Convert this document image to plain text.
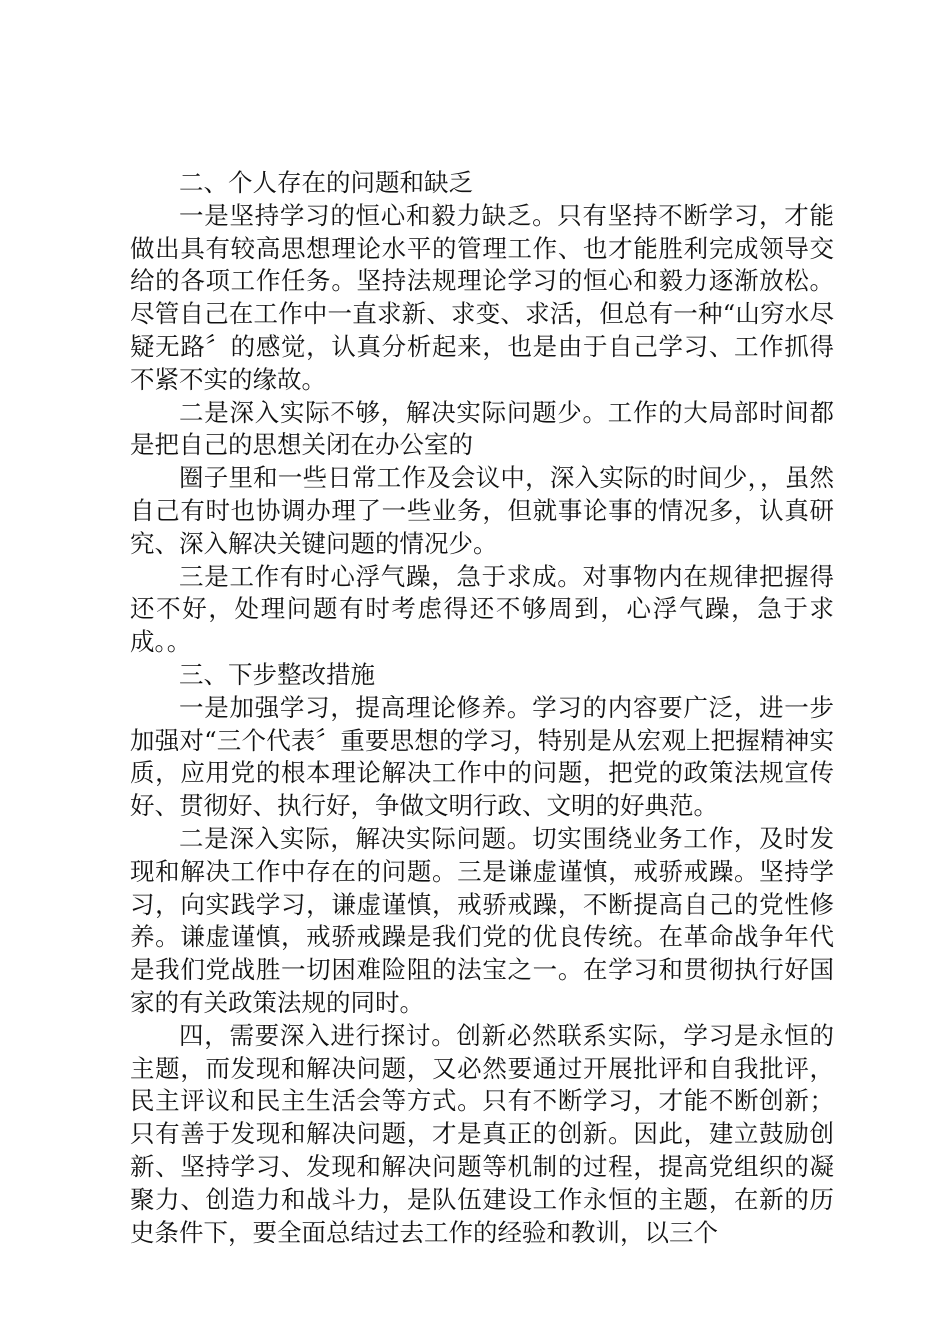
二、个人存在的问题和缺乏

一是坚持学习的恒心和毅力缺乏。只有坚持不断学习，才能做出具有较高思想理论水平的管理工作、也才能胜利完成领导交给的各项工作任务。坚持法规理论学习的恒心和毅力逐渐放松。尽管自己在工作中一直求新、求变、求活，但总有一种“山穷水尽疑无路〞的感觉，认真分析起来，也是由于自己学习、工作抓得不紧不实的缘故。

二是深入实际不够，解决实际问题少。工作的大局部时间都是把自己的思想关闭在办公室的

圈子里和一些日常工作及会议中，深入实际的时间少，，虽然自己有时也协调办理了一些业务，但就事论事的情况多，认真研究、深入解决关键问题的情况少。

三是工作有时心浮气躁，急于求成。对事物内在规律把握得还不好，处理问题有时考虑得还不够周到，心浮气躁，急于求成。。

三、下步整改措施

一是加强学习，提高理论修养。学习的内容要广泛，进一步加强对“三个代表〞重要思想的学习，特别是从宏观上把握精神实质，应用党的根本理论解决工作中的问题，把党的政策法规宣传好、贯彻好、执行好，争做文明行政、文明的好典范。

二是深入实际，解决实际问题。切实围绕业务工作，及时发现和解决工作中存在的问题。三是谦虚谨慎，戒骄戒躁。坚持学习，向实践学习，谦虚谨慎，戒骄戒躁，不断提高自己的党性修养。谦虚谨慎，戒骄戒躁是我们党的优良传统。在革命战争年代是我们党战胜一切困难险阻的法宝之一。在学习和贯彻执行好国家的有关政策法规的同时。

四，需要深入进行探讨。创新必然联系实际，学习是永恒的主题，而发现和解决问题，又必然要通过开展批评和自我批评，民主评议和民主生活会等方式。只有不断学习，才能不断创新；只有善于发现和解决问题，才是真正的创新。因此，建立鼓励创新、坚持学习、发现和解决问题等机制的过程，提高党组织的凝聚力、创造力和战斗力，是队伍建设工作永恒的主题，在新的历史条件下，要全面总结过去工作的经验和教训，以三个
